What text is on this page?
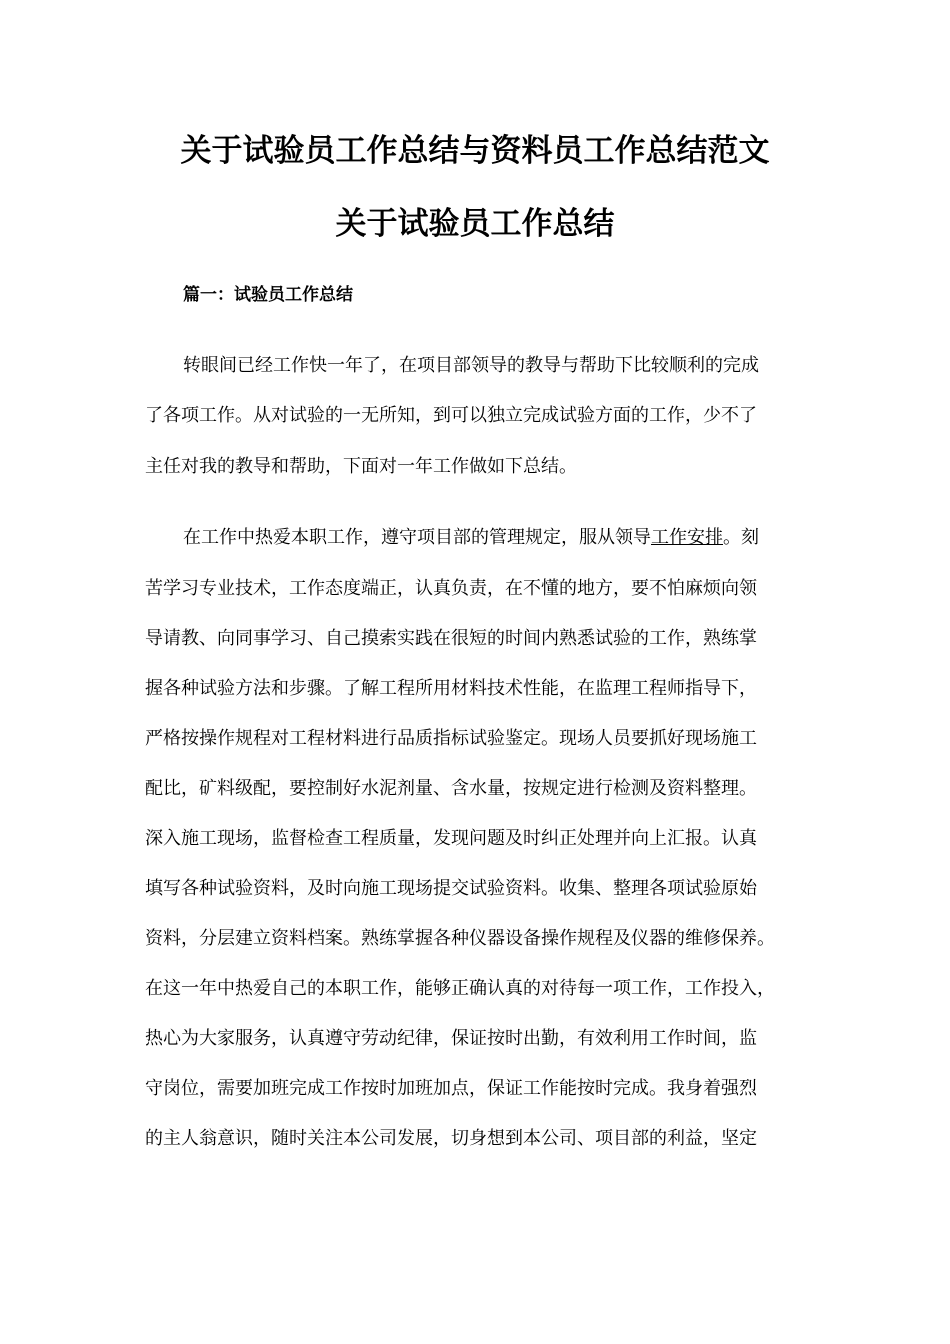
关于试验员工作总结与资料员工作总结范文
关于试验员工作总结
篇一：试验员工作总结
转眼间已经工作快一年了，在项目部领导的教导与帮助下比较顺利的完成
了各项工作。从对试验的一无所知，到可以独立完成试验方面的工作，少不了
主任对我的教导和帮助，下面对一年工作做如下总结。
在工作中热爱本职工作，遵守项目部的管理规定，服从领导工作安排。刻
苦学习专业技术，工作态度端正，认真负责，在不懂的地方，要不怕麻烦向领
导请教、向同事学习、自己摸索实践在很短的时间内熟悉试验的工作，熟练掌
握各种试验方法和步骤。了解工程所用材料技术性能，在监理工程师指导下，
严格按操作规程对工程材料进行品质指标试验鉴定。现场人员要抓好现场施工
配比，矿料级配，要控制好水泥剂量、含水量，按规定进行检测及资料整理。
深入施工现场，监督检查工程质量，发现问题及时纠正处理并向上汇报。认真
填写各种试验资料，及时向施工现场提交试验资料。收集、整理各项试验原始
资料，分层建立资料档案。熟练掌握各种仪器设备操作规程及仪器的维修保养。
在这一年中热爱自己的本职工作，能够正确认真的对待每一项工作，工作投入，
热心为大家服务，认真遵守劳动纪律，保证按时出勤，有效利用工作时间，监
守岗位，需要加班完成工作按时加班加点，保证工作能按时完成。我身着强烈
的主人翁意识，随时关注本公司发展，切身想到本公司、项目部的利益，坚定
